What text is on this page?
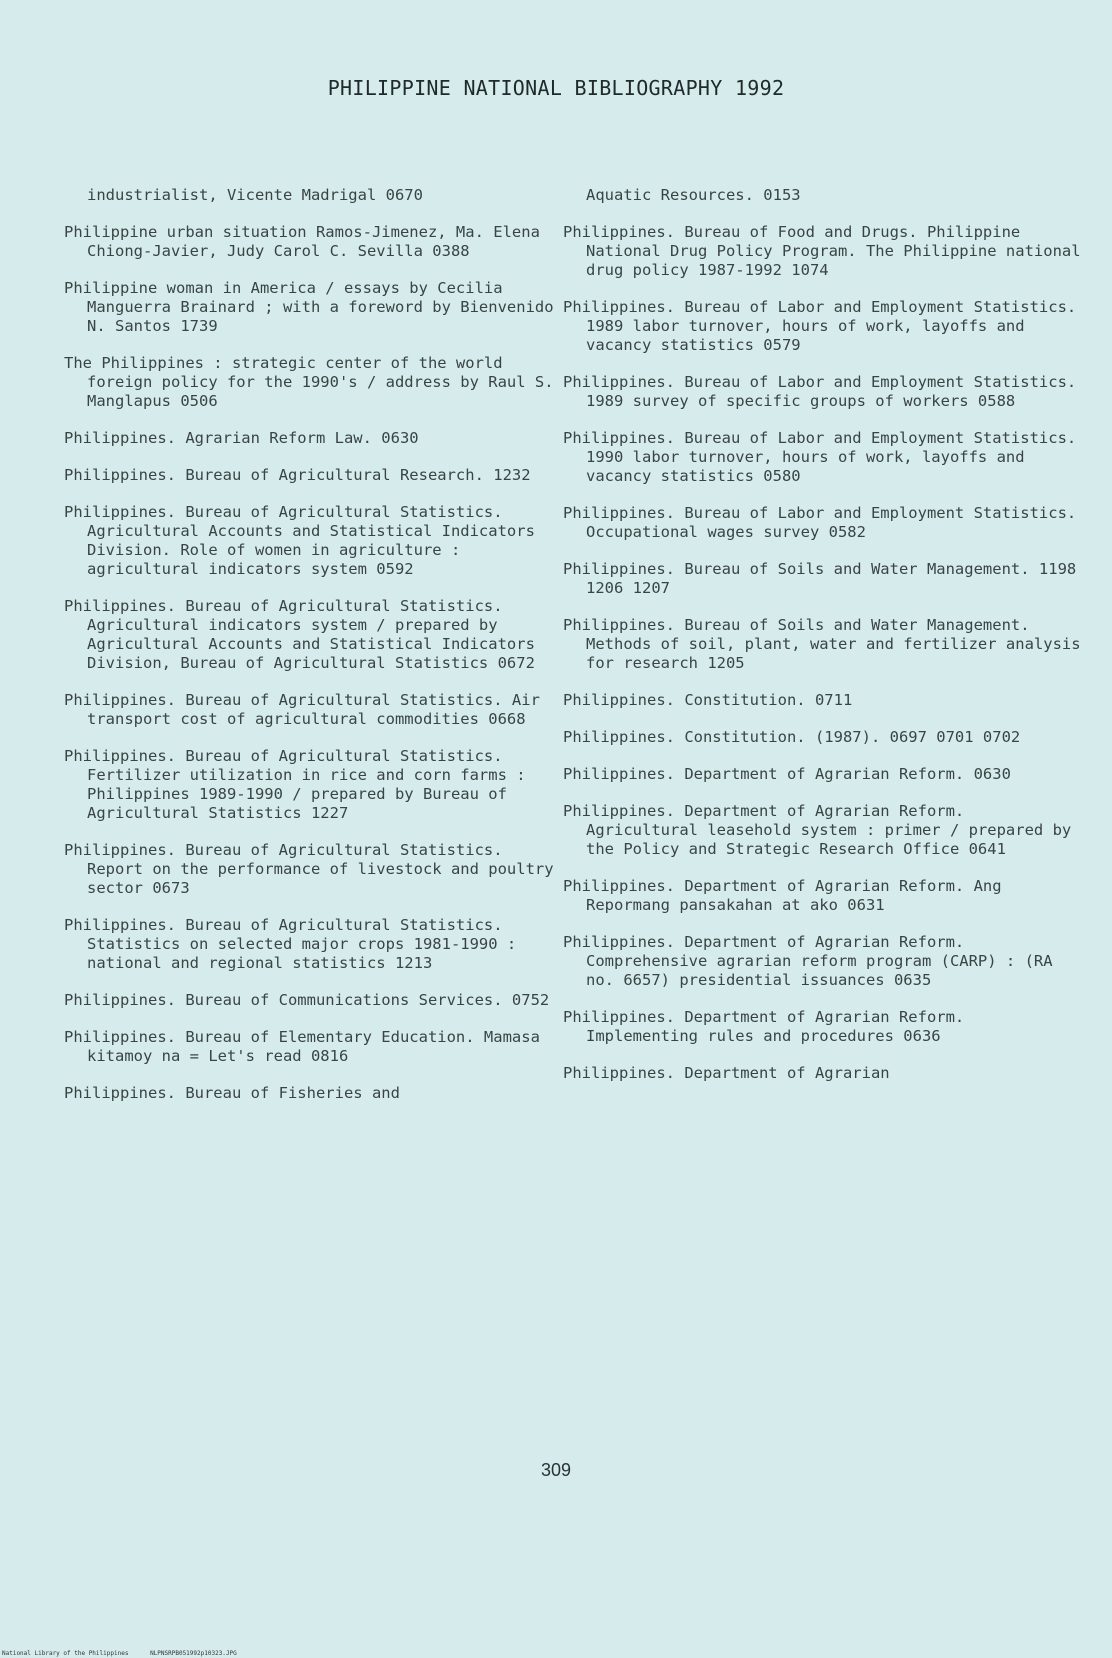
PHILIPPINE NATIONAL BIBLIOGRAPHY 1992

industrialist, Vicente Madrigal 0670

Philippine urban situation Ramos-Jimenez, Ma. Elena Chiong-Javier, Judy Carol C. Sevilla 0388

Philippine woman in America / essays by Cecilia Manguerra Brainard ; with a foreword by Bienvenido N. Santos 1739

The Philippines : strategic center of the world foreign policy for the 1990's / address by Raul S. Manglapus 0506

Philippines. Agrarian Reform Law. 0630

Philippines. Bureau of Agricultural Research. 1232

Philippines. Bureau of Agricultural Statistics. Agricultural Accounts and Statistical Indicators Division. Role of women in agriculture : agricultural indicators system 0592

Philippines. Bureau of Agricultural Statistics. Agricultural indicators system / prepared by Agricultural Accounts and Statistical Indicators Division, Bureau of Agricultural Statistics 0672

Philippines. Bureau of Agricultural Statistics. Air transport cost of agricultural commodities 0668

Philippines. Bureau of Agricultural Statistics. Fertilizer utilization in rice and corn farms : Philippines 1989-1990 / prepared by Bureau of Agricultural Statistics 1227

Philippines. Bureau of Agricultural Statistics. Report on the performance of livestock and poultry sector 0673

Philippines. Bureau of Agricultural Statistics. Statistics on selected major crops 1981-1990 : national and regional statistics 1213

Philippines. Bureau of Communications Services. 0752

Philippines. Bureau of Elementary Education. Mamasa kitamoy na = Let's read 0816

Philippines. Bureau of Fisheries and

Aquatic Resources. 0153

Philippines. Bureau of Food and Drugs. Philippine National Drug Policy Program. The Philippine national drug policy 1987-1992 1074

Philippines. Bureau of Labor and Employment Statistics. 1989 labor turnover, hours of work, layoffs and vacancy statistics 0579

Philippines. Bureau of Labor and Employment Statistics. 1989 survey of specific groups of workers 0588

Philippines. Bureau of Labor and Employment Statistics. 1990 labor turnover, hours of work, layoffs and vacancy statistics 0580

Philippines. Bureau of Labor and Employment Statistics. Occupational wages survey 0582

Philippines. Bureau of Soils and Water Management. 1198 1206 1207

Philippines. Bureau of Soils and Water Management. Methods of soil, plant, water and fertilizer analysis for research 1205

Philippines. Constitution. 0711

Philippines. Constitution. (1987). 0697 0701 0702

Philippines. Department of Agrarian Reform. 0630

Philippines. Department of Agrarian Reform. Agricultural leasehold system : primer / prepared by the Policy and Strategic Research Office 0641

Philippines. Department of Agrarian Reform. Ang Repormang pansakahan at ako 0631

Philippines. Department of Agrarian Reform. Comprehensive agrarian reform program (CARP) : (RA no. 6657) presidential issuances 0635

Philippines. Department of Agrarian Reform. Implementing rules and procedures 0636

Philippines. Department of Agrarian

309
National Library of the Philippines	NLPNSRPB051992p10323.JPG
